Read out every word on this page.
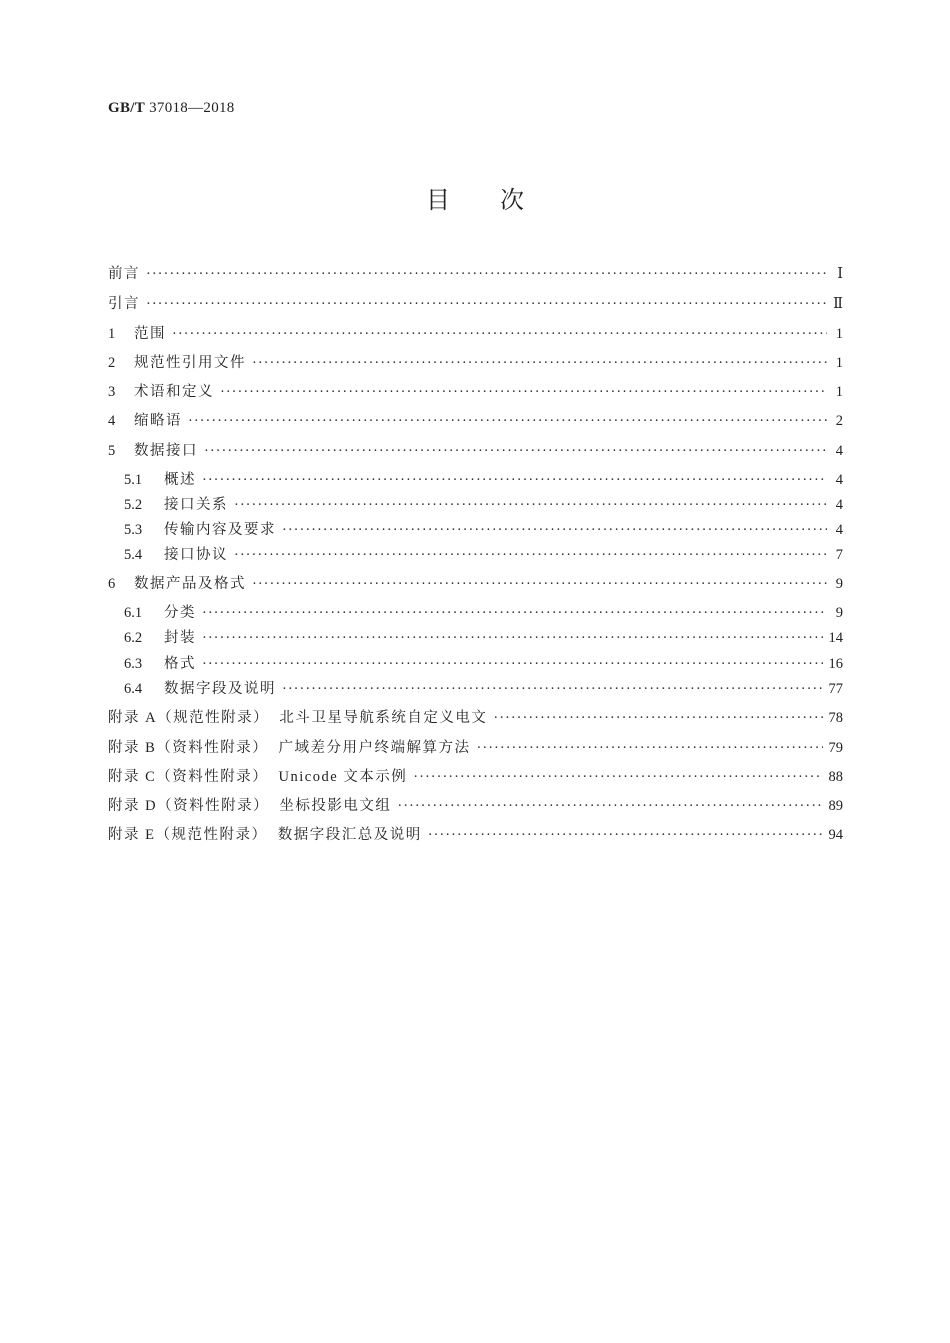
GB/T 37018—2018
目次
前言 ·····	Ⅰ
引言 ·····	Ⅱ
1	范围 ·····	1
2	规范性引用文件 ·····	1
3	术语和定义 ·····	1
4	缩略语 ·····	2
5	数据接口 ·····	4
5.1	概述 ·····	4
5.2	接口关系 ·····	4
5.3	传输内容及要求 ·····	4
5.4	接口协议 ·····	7
6	数据产品及格式 ·····	9
6.1	分类 ·····	9
6.2	封装 ·····	14
6.3	格式 ·····	16
6.4	数据字段及说明 ·····	77
附录 A（规范性附录）  北斗卫星导航系统自定义电文 ·····	78
附录 B（资料性附录）  广域差分用户终端解算方法 ·····	79
附录 C（资料性附录）  Unicode 文本示例 ·····	88
附录 D（资料性附录）  坐标投影电文组 ·····	89
附录 E（规范性附录）  数据字段汇总及说明 ·····	94
